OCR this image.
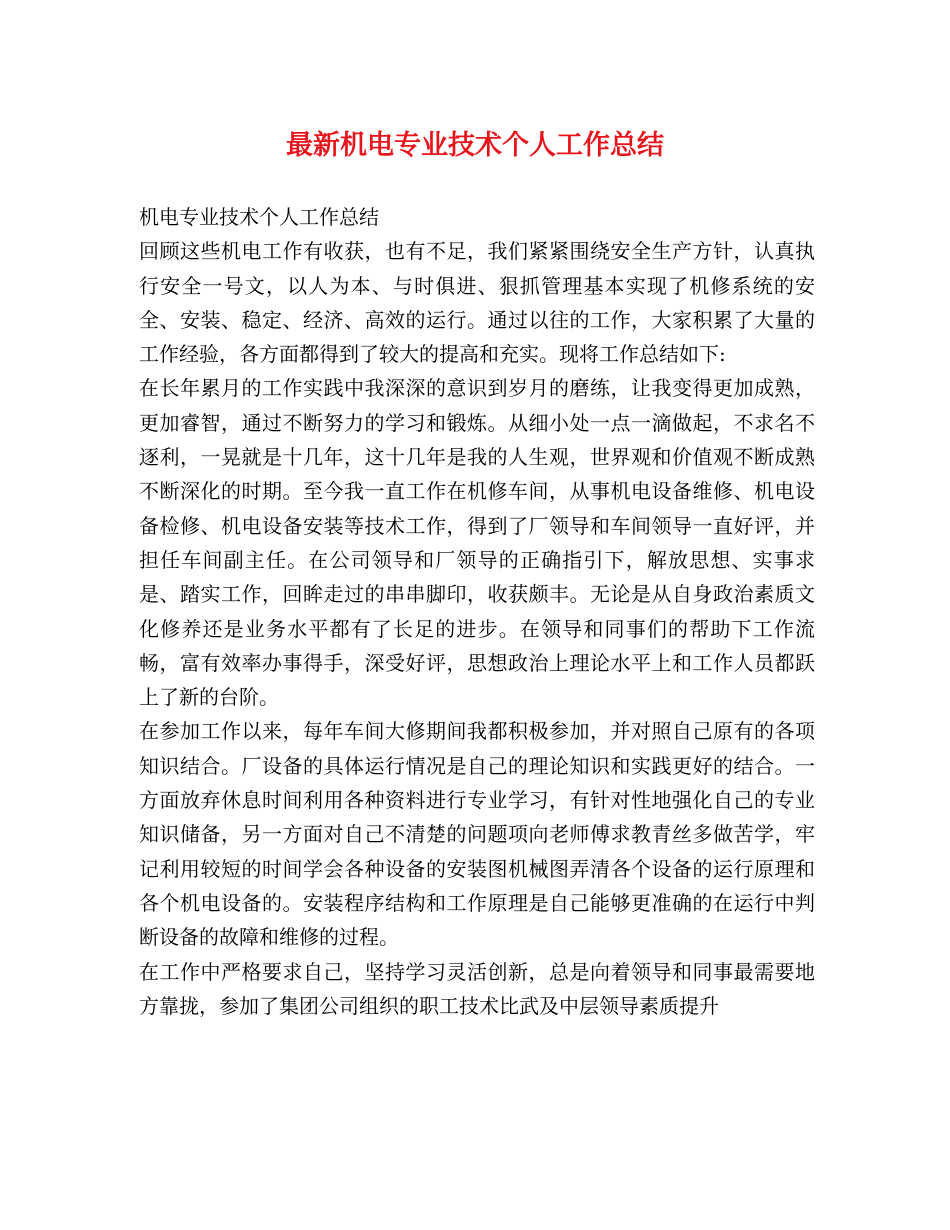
最新机电专业技术个人工作总结

机电专业技术个人工作总结

回顾这些机电工作有收获，也有不足，我们紧紧围绕安全生产方针，认真执行安全一号文，以人为本、与时俱进、狠抓管理基本实现了机修系统的安全、安装、稳定、经济、高效的运行。通过以往的工作，大家积累了大量的工作经验，各方面都得到了较大的提高和充实。现将工作总结如下:

在长年累月的工作实践中我深深的意识到岁月的磨练，让我变得更加成熟，更加睿智，通过不断努力的学习和锻炼。从细小处一点一滴做起，不求名不逐利，一晃就是十几年，这十几年是我的人生观，世界观和价值观不断成熟不断深化的时期。至今我一直工作在机修车间，从事机电设备维修、机电设备检修、机电设备安装等技术工作，得到了厂领导和车间领导一直好评，并担任车间副主任。在公司领导和厂领导的正确指引下，解放思想、实事求是、踏实工作，回眸走过的串串脚印，收获颇丰。无论是从自身政治素质文化修养还是业务水平都有了长足的进步。在领导和同事们的帮助下工作流畅，富有效率办事得手，深受好评，思想政治上理论水平上和工作人员都跃上了新的台阶。

在参加工作以来，每年车间大修期间我都积极参加，并对照自己原有的各项知识结合。厂设备的具体运行情况是自己的理论知识和实践更好的结合。一方面放弃休息时间利用各种资料进行专业学习，有针对性地强化自己的专业知识储备，另一方面对自己不清楚的问题项向老师傅求教青丝多做苦学，牢记利用较短的时间学会各种设备的安装图机械图弄清各个设备的运行原理和各个机电设备的。安装程序结构和工作原理是自己能够更准确的在运行中判断设备的故障和维修的过程。

在工作中严格要求自己，坚持学习灵活创新，总是向着领导和同事最需要地方靠拢，参加了集团公司组织的职工技术比武及中层领导素质提升
